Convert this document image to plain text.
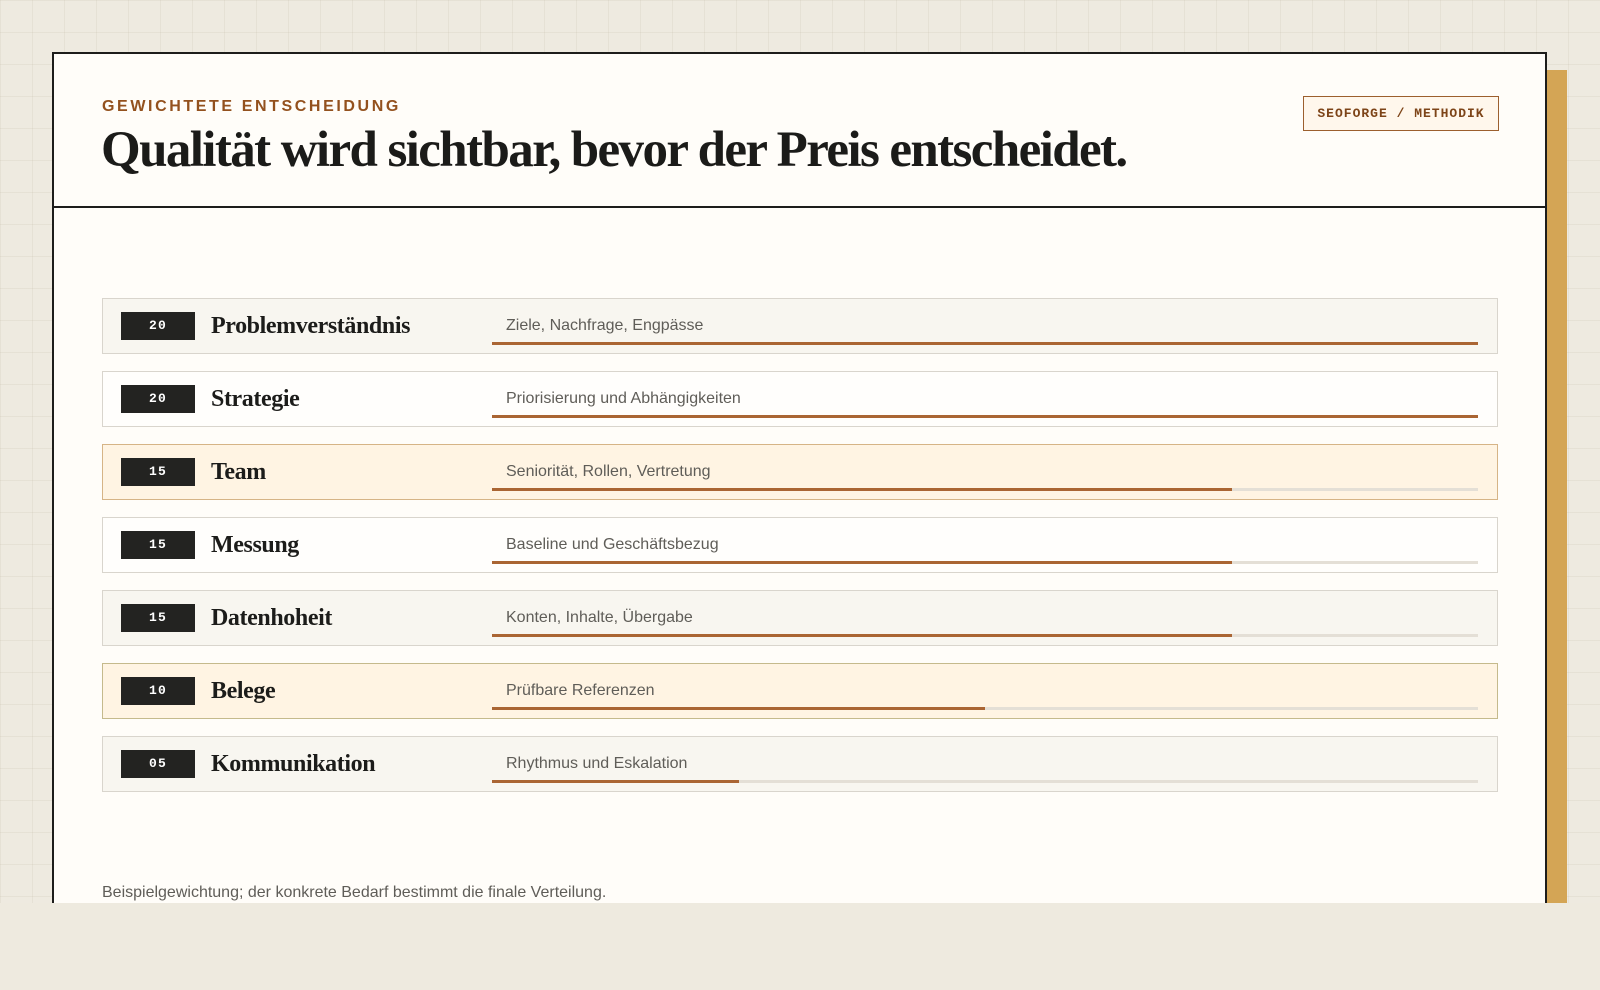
GEWICHTETE ENTSCHEIDUNG

Qualität wird sichtbar, bevor der Preis entscheidet.
SEOFORGE / METHODIK
20	Problemverständnis	Ziele, Nachfrage, Engpässe
20	Strategie	Priorisierung und Abhängigkeiten
15	Team	Seniorität, Rollen, Vertretung
15	Messung	Baseline und Geschäftsbezug
15	Datenhoheit	Konten, Inhalte, Übergabe
10	Belege	Prüfbare Referenzen
05	Kommunikation	Rhythmus und Eskalation

Beispielgewichtung; der konkrete Bedarf bestimmt die finale Verteilung.
